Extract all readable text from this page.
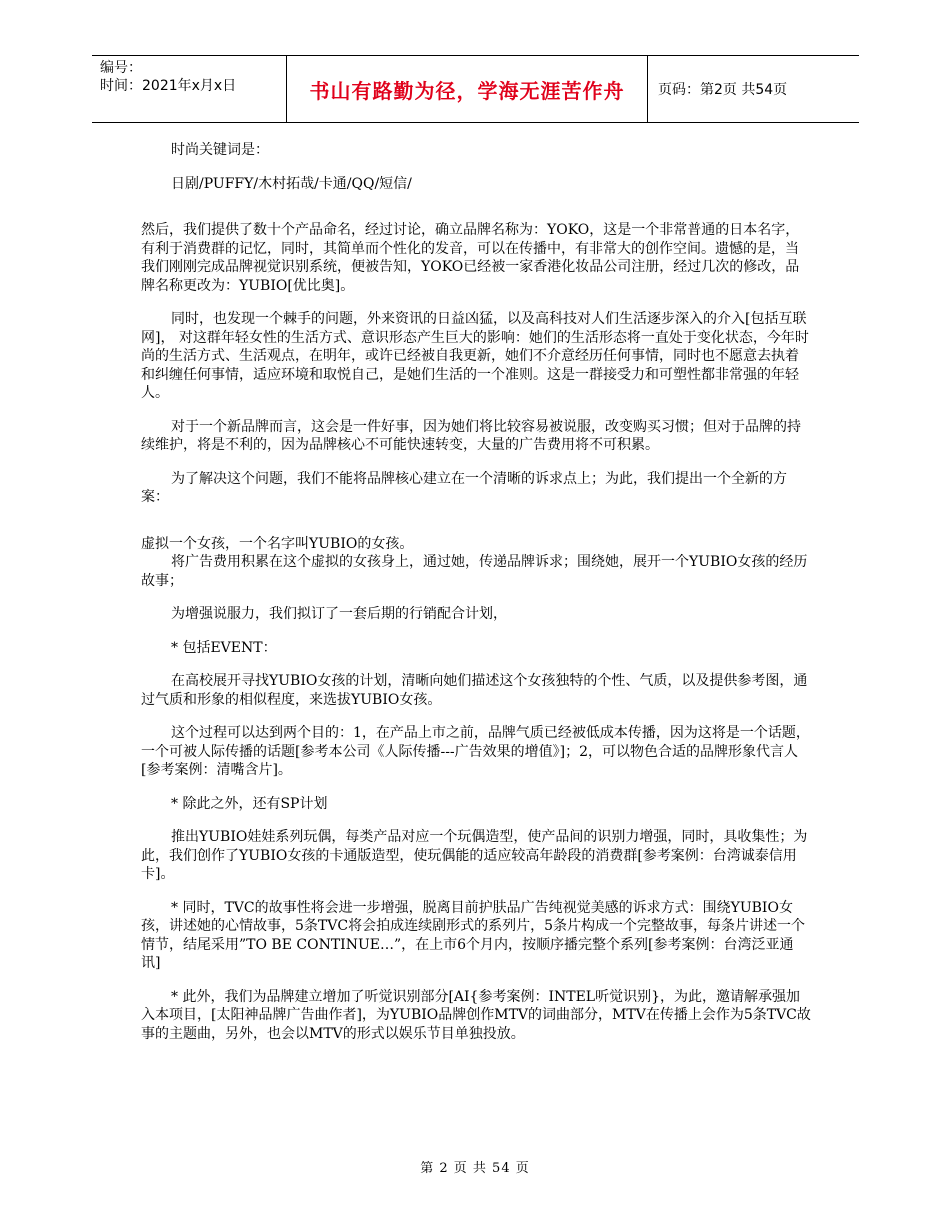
编号：
时间：2021年x月x日	书山有路勤为径，学海无涯苦作舟 页码：第2页 共54页

时尚关键词是：

日剧/PUFFY/木村拓哉/卡通/QQ/短信/

然后，我们提供了数十个产品命名，经过讨论，确立品牌名称为：YOKO，这是一个非常普通的日本名字，有利于消费群的记忆，同时，其简单而个性化的发音，可以在传播中，有非常大的创作空间。遗憾的是，当我们刚刚完成品牌视觉识别系统，便被告知，YOKO已经被一家香港化妆品公司注册，经过几次的修改，品牌名称更改为：YUBIO[优比奥]。

同时，也发现一个棘手的问题，外来资讯的日益凶猛，以及高科技对人们生活逐步深入的介入[包括互联网]， 对这群年轻女性的生活方式、意识形态产生巨大的影响：她们的生活形态将一直处于变化状态，今年时尚的生活方式、生活观点，在明年，或许已经被自我更新，她们不介意经历任何事情，同时也不愿意去执着和纠缠任何事情，适应环境和取悦自己，是她们生活的一个准则。这是一群接受力和可塑性都非常强的年轻人。

对于一个新品牌而言，这会是一件好事，因为她们将比较容易被说服，改变购买习惯；但对于品牌的持续维护，将是不利的，因为品牌核心不可能快速转变，大量的广告费用将不可积累。

为了解决这个问题，我们不能将品牌核心建立在一个清晰的诉求点上；为此，我们提出一个全新的方案：

虚拟一个女孩，一个名字叫YUBIO的女孩。

将广告费用积累在这个虚拟的女孩身上，通过她，传递品牌诉求；围绕她，展开一个YUBIO女孩的经历故事；

为增强说服力，我们拟订了一套后期的行销配合计划，

* 包括EVENT：

在高校展开寻找YUBIO女孩的计划，清晰向她们描述这个女孩独特的个性、气质，以及提供参考图，通过气质和形象的相似程度，来选拔YUBIO女孩。

这个过程可以达到两个目的：1，在产品上市之前，品牌气质已经被低成本传播，因为这将是一个话题，一个可被人际传播的话题[参考本公司《人际传播---广告效果的增值》]；2，可以物色合适的品牌形象代言人[参考案例：清嘴含片]。

* 除此之外，还有SP计划

推出YUBIO娃娃系列玩偶，每类产品对应一个玩偶造型，使产品间的识别力增强，同时，具收集性；为此，我们创作了YUBIO女孩的卡通版造型，使玩偶能的适应较高年龄段的消费群[参考案例：台湾诚泰信用卡]。

* 同时，TVC的故事性将会进一步增强，脱离目前护肤品广告纯视觉美感的诉求方式：围绕YUBIO女孩，讲述她的心情故事，5条TVC将会拍成连续剧形式的系列片，5条片构成一个完整故事，每条片讲述一个情节，结尾采用”TO BE CONTINUE…”，在上市6个月内，按顺序播完整个系列[参考案例：台湾泛亚通讯]

* 此外，我们为品牌建立增加了听觉识别部分[AI{参考案例：INTEL听觉识别}，为此，邀请解承强加入本项目，[太阳神品牌广告曲作者]，为YUBIO品牌创作MTV的词曲部分，MTV在传播上会作为5条TVC故事的主题曲，另外，也会以MTV的形式以娱乐节目单独投放。

第 2 页 共 54 页
